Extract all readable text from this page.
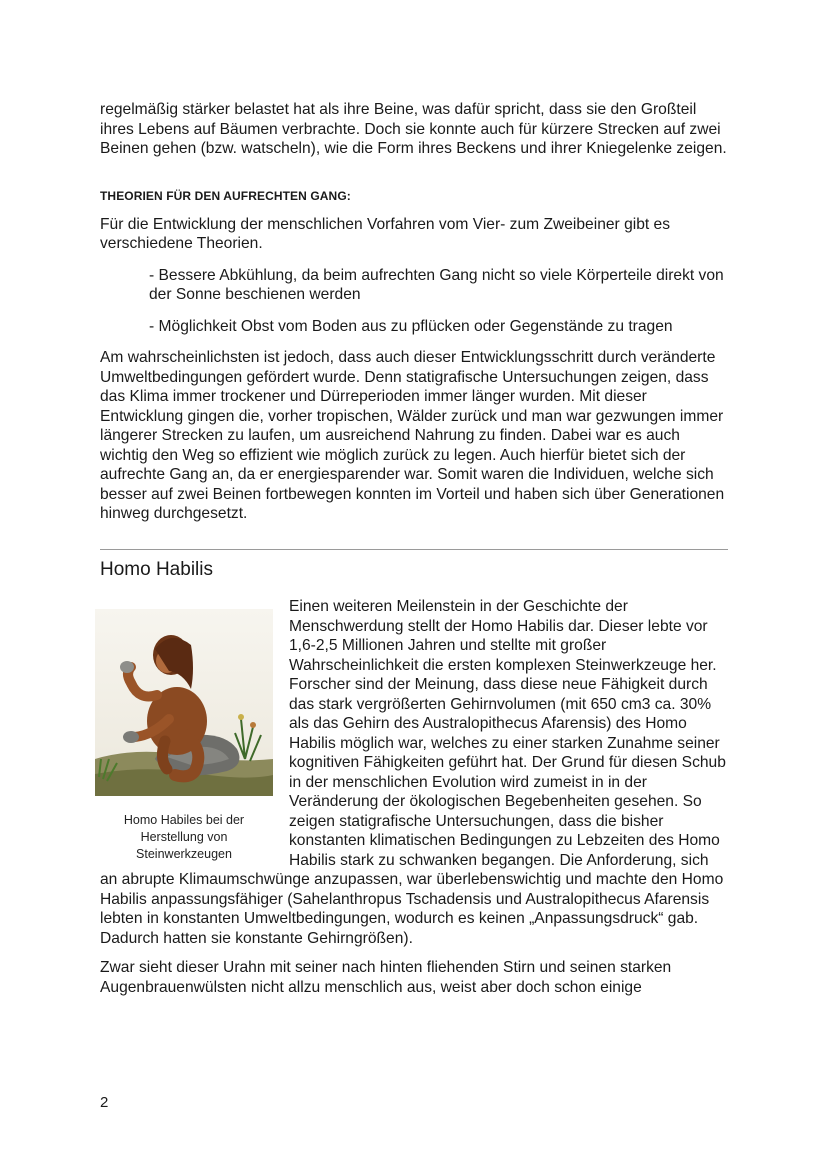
regelmäßig stärker belastet hat als ihre Beine, was dafür spricht, dass sie den Großteil ihres Lebens auf Bäumen verbrachte. Doch sie konnte auch für kürzere Strecken auf zwei Beinen gehen (bzw. watscheln), wie die Form ihres Beckens und ihrer Kniegelenke zeigen.

THEORIEN FÜR DEN AUFRECHTEN GANG:

Für die Entwicklung der menschlichen Vorfahren vom Vier- zum Zweibeiner gibt es verschiedene Theorien.

- Bessere Abkühlung, da beim aufrechten Gang nicht so viele Körperteile direkt von der Sonne beschienen werden
- Möglichkeit Obst vom Boden aus zu pflücken oder Gegenstände zu tragen

Am wahrscheinlichsten ist jedoch, dass auch dieser Entwicklungsschritt durch veränderte Umweltbedingungen gefördert wurde. Denn statigrafische Untersuchungen zeigen, dass das Klima immer trockener und Dürreperioden immer länger wurden. Mit dieser Entwicklung gingen die, vorher tropischen, Wälder zurück und man war gezwungen immer längerer Strecken zu laufen, um ausreichend Nahrung zu finden. Dabei war es auch wichtig den Weg so effizient wie möglich zurück zu legen. Auch hierfür bietet sich der aufrechte Gang an, da er energiesparender war. Somit waren die Individuen, welche sich besser auf zwei Beinen fortbewegen konnten im Vorteil und haben sich über Generationen hinweg durchgesetzt.

Homo Habilis
Homo Habiles bei der Herstellung von Steinwerkzeugen

Einen weiteren Meilenstein in der Geschichte der Menschwerdung stellt der Homo Habilis dar. Dieser lebte vor 1,6-2,5 Millionen Jahren und stellte mit großer Wahrscheinlichkeit die ersten komplexen Steinwerkzeuge her. Forscher sind der Meinung, dass diese neue Fähigkeit durch das stark vergrößerten Gehirnvolumen (mit 650 cm3 ca. 30% als das Gehirn des Australopithecus Afarensis) des Homo Habilis möglich war, welches zu einer starken Zunahme seiner kognitiven Fähigkeiten geführt hat. Der Grund für diesen Schub in der menschlichen Evolution wird zumeist in in der Veränderung der ökologischen Begebenheiten gesehen. So zeigen statigrafische Untersuchungen, dass die bisher konstanten klimatischen Bedingungen zu Lebzeiten des Homo Habilis stark zu schwanken begangen. Die Anforderung, sich an abrupte Klimaumschwünge anzupassen, war überlebenswichtig und machte den Homo Habilis anpassungsfähiger (Sahelanthropus Tschadensis und Australopithecus Afarensis lebten in konstanten Umweltbedingungen, wodurch es keinen „Anpassungsdruck“ gab. Dadurch hatten sie konstante Gehirngrößen).

Zwar sieht dieser Urahn mit seiner nach hinten fliehenden Stirn und seinen starken Augenbrauenwülsten nicht allzu menschlich aus, weist aber doch schon einige

2
